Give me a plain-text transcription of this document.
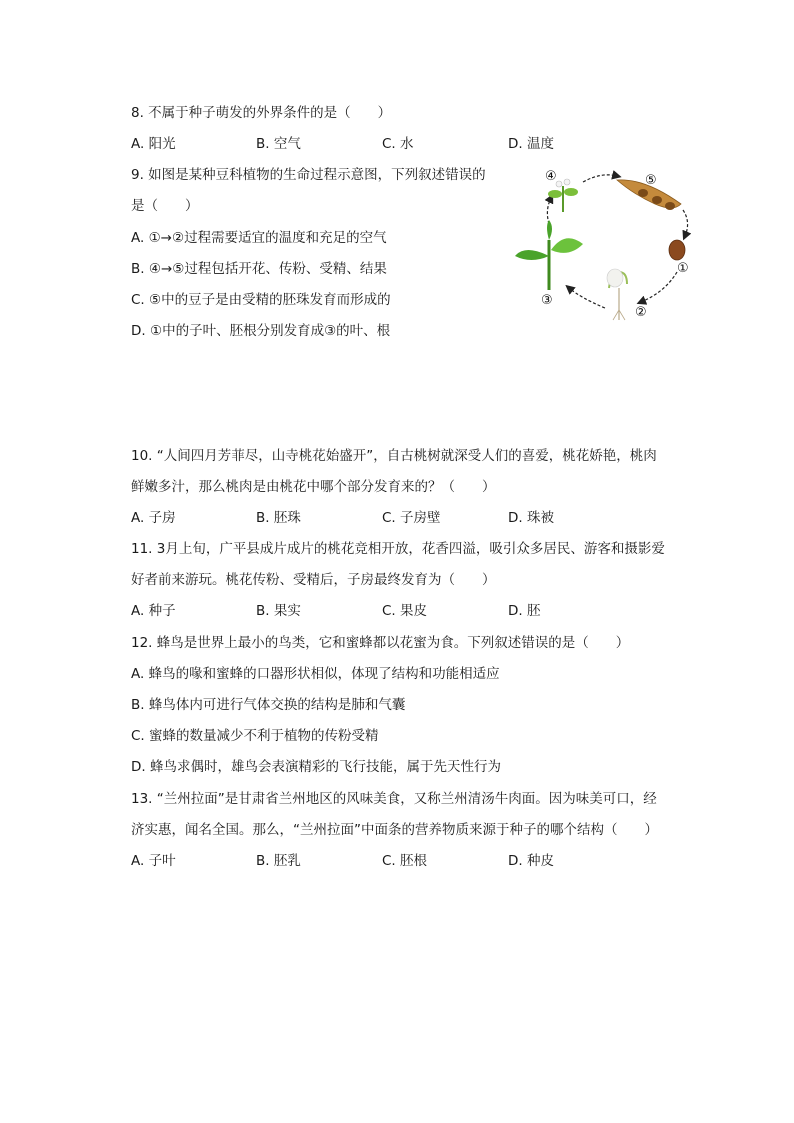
8. 不属于种子萌发的外界条件的是（　　）
A. 阳光	B. 空气	C. 水	D. 温度
9. 如图是某种豆科植物的生命过程示意图，下列叙述错误的
是（　　）
A. ①→②过程需要适宜的温度和充足的空气
B. ④→⑤过程包括开花、传粉、受精、结果
C. ⑤中的豆子是由受精的胚珠发育而形成的
D. ①中的子叶、胚根分别发育成③的叶、根
④	⑤
①
②
③
10. “人间四月芳菲尽，山寺桃花始盛开”，自古桃树就深受人们的喜爱，桃花娇艳，桃肉
鲜嫩多汁，那么桃肉是由桃花中哪个部分发育来的？（　　）
A. 子房	B. 胚珠	C. 子房壁	D. 珠被
11. 3月上旬，广平县成片成片的桃花竞相开放，花香四溢，吸引众多居民、游客和摄影爱
好者前来游玩。桃花传粉、受精后，子房最终发育为（　　）
A. 种子	B. 果实	C. 果皮	D. 胚
12. 蜂鸟是世界上最小的鸟类，它和蜜蜂都以花蜜为食。下列叙述错误的是（　　）
A. 蜂鸟的喙和蜜蜂的口器形状相似，体现了结构和功能相适应
B. 蜂鸟体内可进行气体交换的结构是肺和气囊
C. 蜜蜂的数量减少不利于植物的传粉受精
D. 蜂鸟求偶时，雄鸟会表演精彩的飞行技能，属于先天性行为
13. “兰州拉面”是甘肃省兰州地区的风味美食，又称兰州清汤牛肉面。因为味美可口，经
济实惠，闻名全国。那么，“兰州拉面”中面条的营养物质来源于种子的哪个结构（　　）
A. 子叶	B. 胚乳	C. 胚根	D. 种皮
